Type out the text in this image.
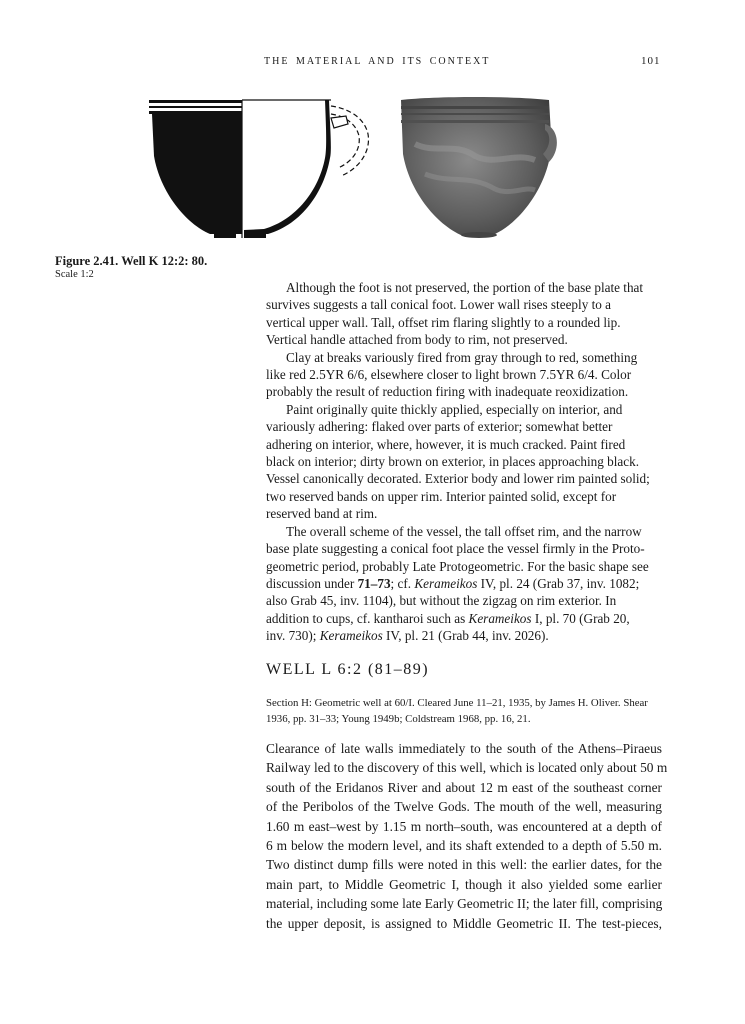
THE MATERIAL AND ITS CONTEXT	101
Figure 2.41. Well K 12:2: 80.
Scale 1:2

Although the foot is not preserved, the portion of the base plate that survives suggests a tall conical foot. Lower wall rises steeply to a vertical upper wall. Tall, offset rim flaring slightly to a rounded lip. Vertical handle attached from body to rim, not preserved.

Clay at breaks variously fired from gray through to red, something like red 2.5YR 6/6, elsewhere closer to light brown 7.5YR 6/4. Color probably the result of reduction firing with inadequate reoxidization.

Paint originally quite thickly applied, especially on interior, and variously adhering: flaked over parts of exterior; somewhat better adhering on interior, where, however, it is much cracked. Paint fired black on interior; dirty brown on exterior, in places approaching black. Vessel canonically decorated. Exterior body and lower rim painted solid; two reserved bands on upper rim. Interior painted solid, except for reserved band at rim.

The overall scheme of the vessel, the tall offset rim, and the narrow base plate suggesting a conical foot place the vessel firmly in the Proto-geometric period, probably Late Protogeometric. For the basic shape see discussion under 71–73; cf. Kerameikos IV, pl. 24 (Grab 37, inv. 1082; also Grab 45, inv. 1104), but without the zigzag on rim exterior. In addition to cups, cf. kantharoi such as Kerameikos I, pl. 70 (Grab 20, inv. 730); Kerameikos IV, pl. 21 (Grab 44, inv. 2026).

WELL L 6:2 (81–89)
Section H: Geometric well at 60/I. Cleared June 11–21, 1935, by James H. Oliver. Shear 1936, pp. 31–33; Young 1949b; Coldstream 1968, pp. 16, 21.
Clearance of late walls immediately to the south of the Athens–Piraeus
Railway led to the discovery of this well, which is located only about 50 m
south of the Eridanos River and about 12 m east of the southeast corner
of the Peribolos of the Twelve Gods. The mouth of the well, measuring
1.60 m east–west by 1.15 m north–south, was encountered at a depth of
6 m below the modern level, and its shaft extended to a depth of 5.50 m.
Two distinct dump fills were noted in this well: the earlier dates, for the
main part, to Middle Geometric I, though it also yielded some earlier
material, including some late Early Geometric II; the later fill, comprising
the upper deposit, is assigned to Middle Geometric II. The test-pieces,
